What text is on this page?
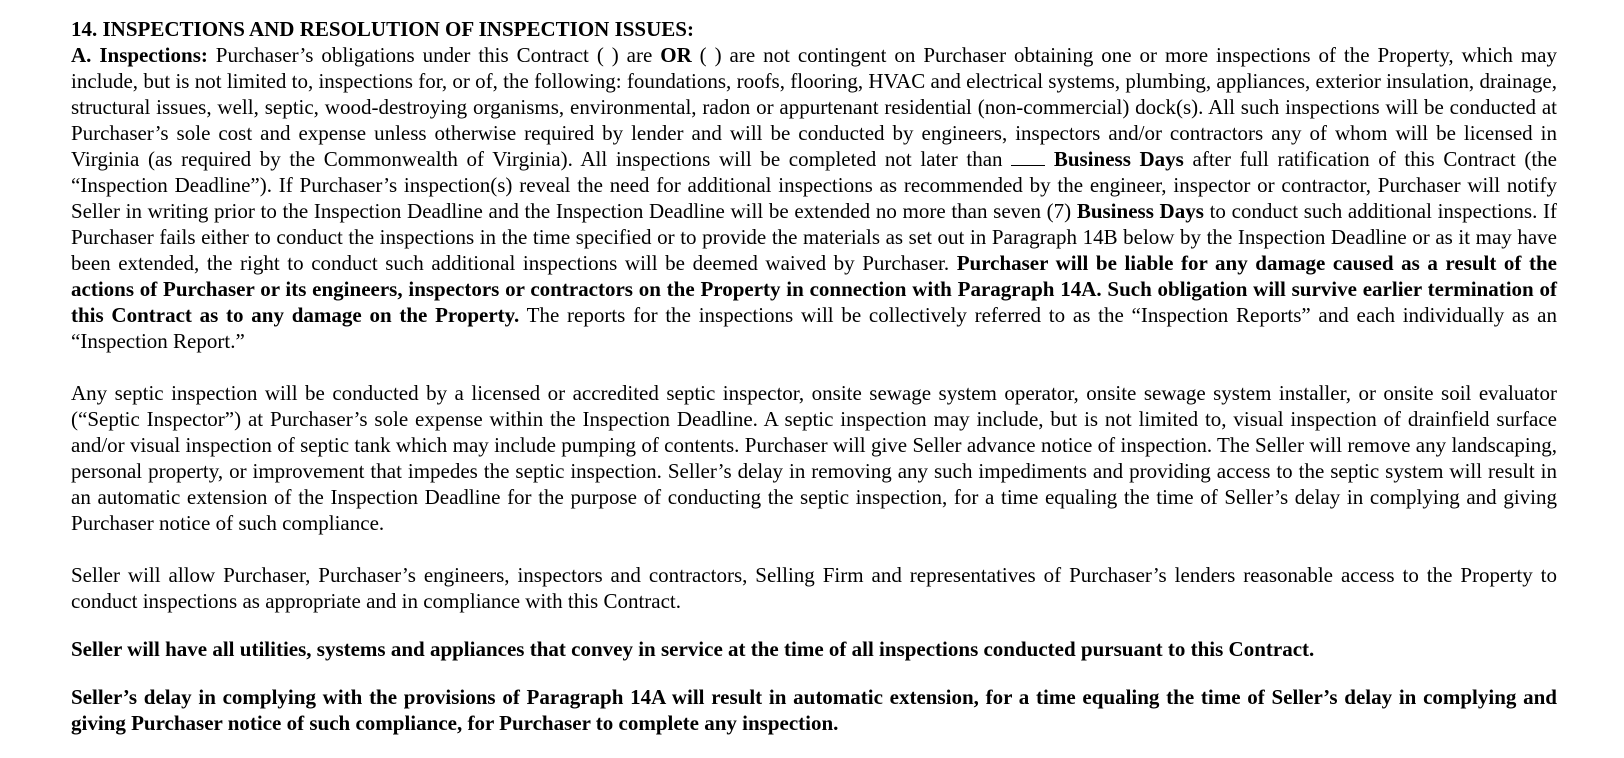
14. INSPECTIONS AND RESOLUTION OF INSPECTION ISSUES:

A. Inspections: Purchaser’s obligations under this Contract ( ) are OR ( ) are not contingent on Purchaser obtaining one or more inspections of the Property, which may include, but is not limited to, inspections for, or of, the following: foundations, roofs, flooring, HVAC and electrical systems, plumbing, appliances, exterior insulation, drainage, structural issues, well, septic, wood-destroying organisms, environmental, radon or appurtenant residential (non-commercial) dock(s). All such inspections will be conducted at Purchaser’s sole cost and expense unless otherwise required by lender and will be conducted by engineers, inspectors and/or contractors any of whom will be licensed in Virginia (as required by the Commonwealth of Virginia). All inspections will be completed not later than  Business Days after full ratification of this Contract (the “Inspection Deadline”). If Purchaser’s inspection(s) reveal the need for additional inspections as recommended by the engineer, inspector or contractor, Purchaser will notify Seller in writing prior to the Inspection Deadline and the Inspection Deadline will be extended no more than seven (7) Business Days to conduct such additional inspections. If Purchaser fails either to conduct the inspections in the time specified or to provide the materials as set out in Paragraph 14B below by the Inspection Deadline or as it may have been extended, the right to conduct such additional inspections will be deemed waived by Purchaser. Purchaser will be liable for any damage caused as a result of the actions of Purchaser or its engineers, inspectors or contractors on the Property in connection with Paragraph 14A. Such obligation will survive earlier termination of this Contract as to any damage on the Property. The reports for the inspections will be collectively referred to as the “Inspection Reports” and each individually as an “Inspection Report.”

Any septic inspection will be conducted by a licensed or accredited septic inspector, onsite sewage system operator, onsite sewage system installer, or onsite soil evaluator (“Septic Inspector”) at Purchaser’s sole expense within the Inspection Deadline. A septic inspection may include, but is not limited to, visual inspection of drainfield surface and/or visual inspection of septic tank which may include pumping of contents. Purchaser will give Seller advance notice of inspection. The Seller will remove any landscaping, personal property, or improvement that impedes the septic inspection. Seller’s delay in removing any such impediments and providing access to the septic system will result in an automatic extension of the Inspection Deadline for the purpose of conducting the septic inspection, for a time equaling the time of Seller’s delay in complying and giving Purchaser notice of such compliance.

Seller will allow Purchaser, Purchaser’s engineers, inspectors and contractors, Selling Firm and representatives of Purchaser’s lenders reasonable access to the Property to conduct inspections as appropriate and in compliance with this Contract.

Seller will have all utilities, systems and appliances that convey in service at the time of all inspections conducted pursuant to this Contract.

Seller’s delay in complying with the provisions of Paragraph 14A will result in automatic extension, for a time equaling the time of Seller’s delay in complying and giving Purchaser notice of such compliance, for Purchaser to complete any inspection.
